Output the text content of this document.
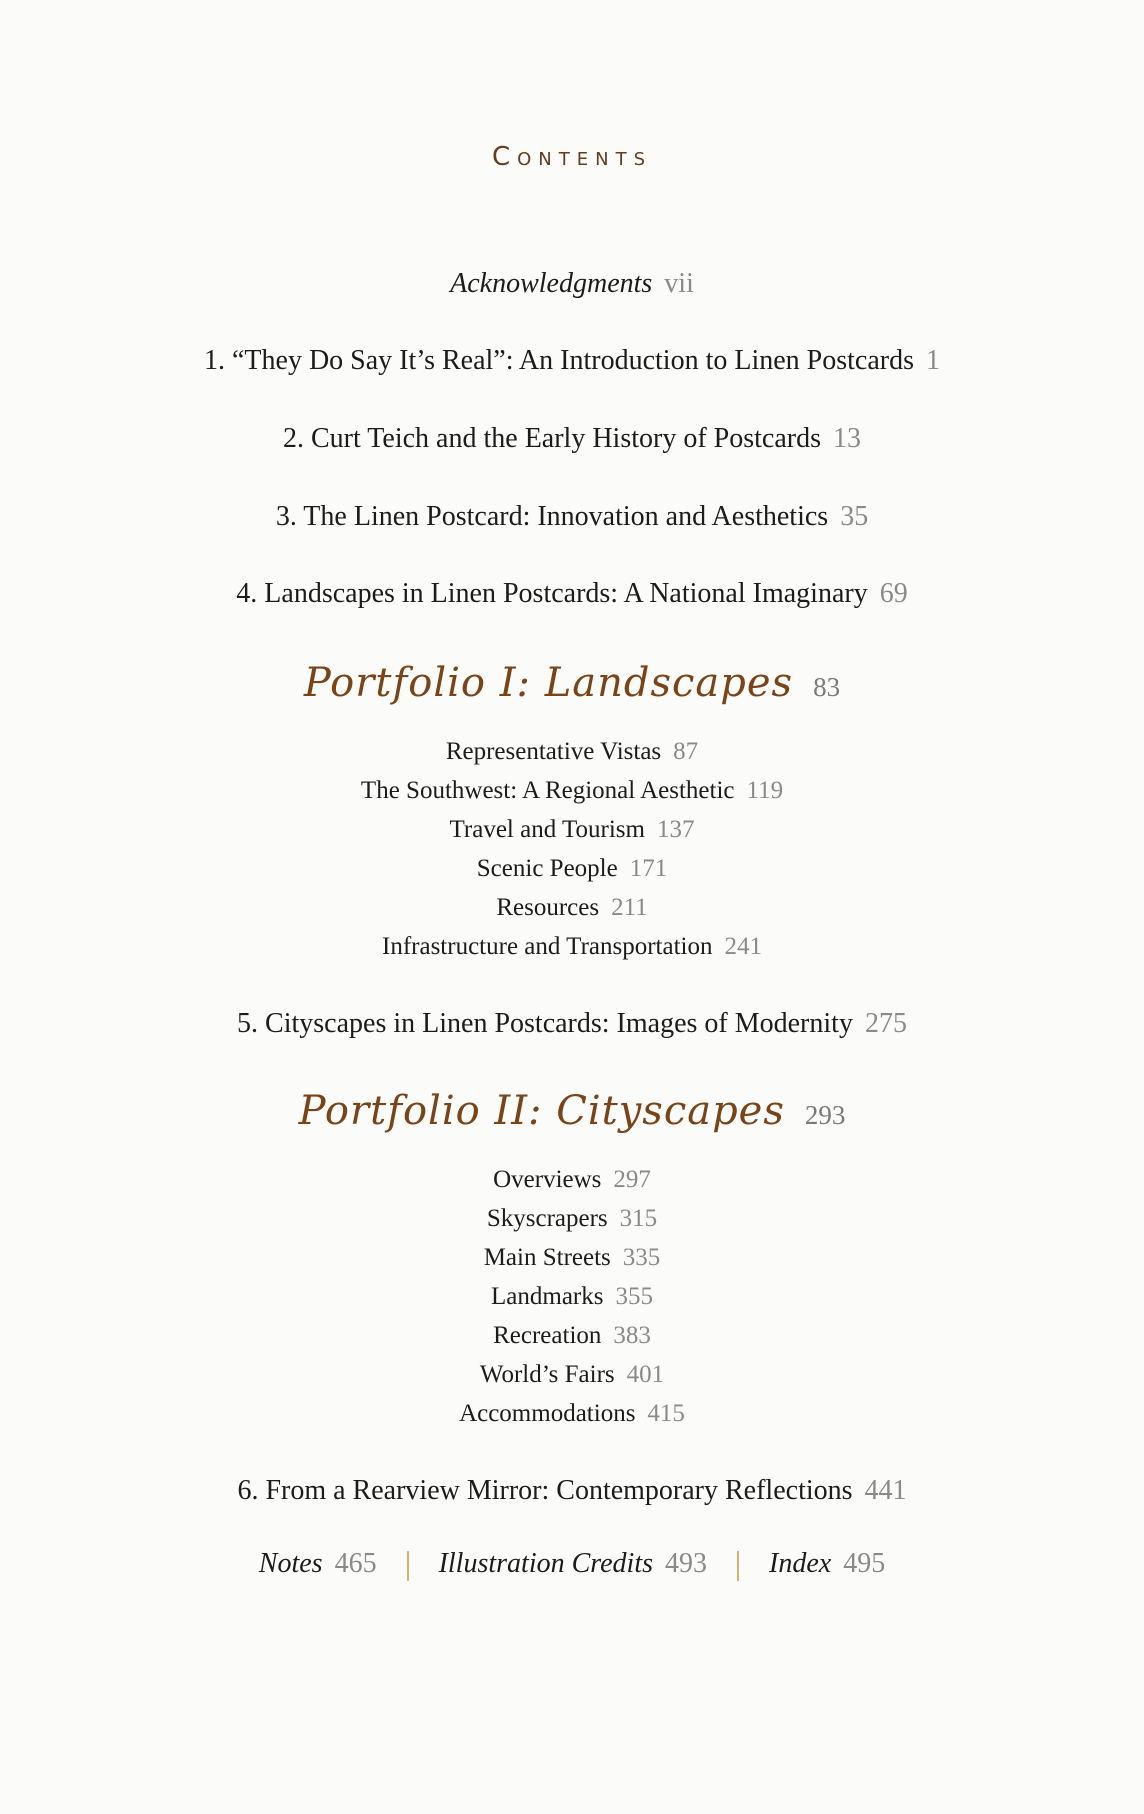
Contents
Acknowledgments vii
1. “They Do Say It’s Real”: An Introduction to Linen Postcards 1
2. Curt Teich and the Early History of Postcards 13
3. The Linen Postcard: Innovation and Aesthetics 35
4. Landscapes in Linen Postcards: A National Imaginary 69
Portfolio I: Landscapes 83
Representative Vistas 87
The Southwest: A Regional Aesthetic 119
Travel and Tourism 137
Scenic People 171
Resources 211
Infrastructure and Transportation 241
5. Cityscapes in Linen Postcards: Images of Modernity 275
Portfolio II: Cityscapes 293
Overviews 297
Skyscrapers 315
Main Streets 335
Landmarks 355
Recreation 383
World’s Fairs 401
Accommodations 415
6. From a Rearview Mirror: Contemporary Reflections 441
Notes 465 Illustration Credits 493 Index 495
